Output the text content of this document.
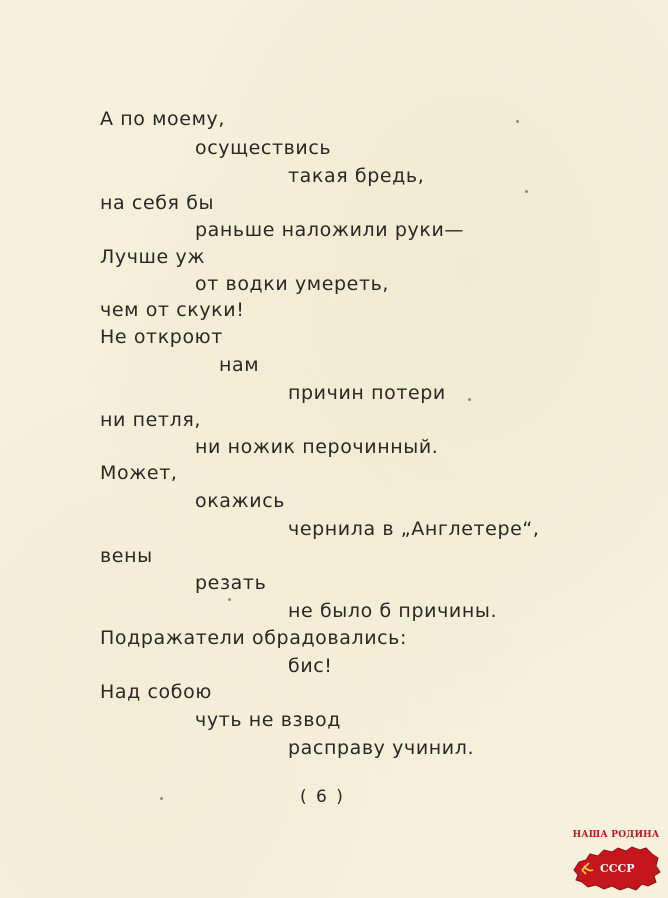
А по моему,
осуществись
такая бредь,
на себя бы
раньше наложили руки—
Лучше уж
от водки умереть,
чем от скуки!
Не откроют
нам
причин потери
ни петля,
ни ножик перочинный.
Может,
окажись
чернила в „Англетере“,
вены
резать
не было б причины.
Подражатели обрадовались:
бис!
Над собою
чуть не взвод
расправу учинил.
( 6 )
НАША РОДИНА
СССР
